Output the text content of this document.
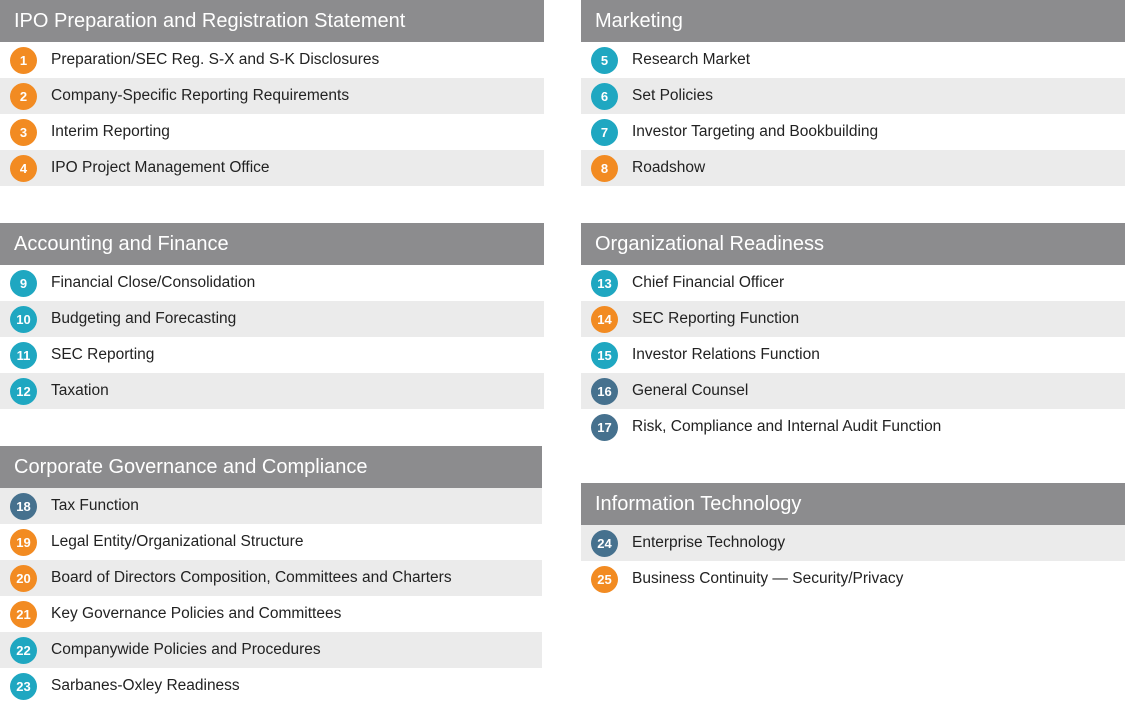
IPO Preparation and Registration Statement
1	Preparation/SEC Reg. S-X and S-K Disclosures
2	Company-Specific Reporting Requirements
3	Interim Reporting
4	IPO Project Management Office
Accounting and Finance
9	Financial Close/Consolidation
10	Budgeting and Forecasting
11	SEC Reporting
12	Taxation
Corporate Governance and Compliance
18	Tax Function
19	Legal Entity/Organizational Structure
20	Board of Directors Composition, Committees and Charters
21	Key Governance Policies and Committees
22	Companywide Policies and Procedures
23	Sarbanes-Oxley Readiness
Marketing
5	Research Market
6	Set Policies
7	Investor Targeting and Bookbuilding
8	Roadshow
Organizational Readiness
13	Chief Financial Officer
14	SEC Reporting Function
15	Investor Relations Function
16	General Counsel
17	Risk, Compliance and Internal Audit Function
Information Technology
24	Enterprise Technology
25	Business Continuity — Security/Privacy
